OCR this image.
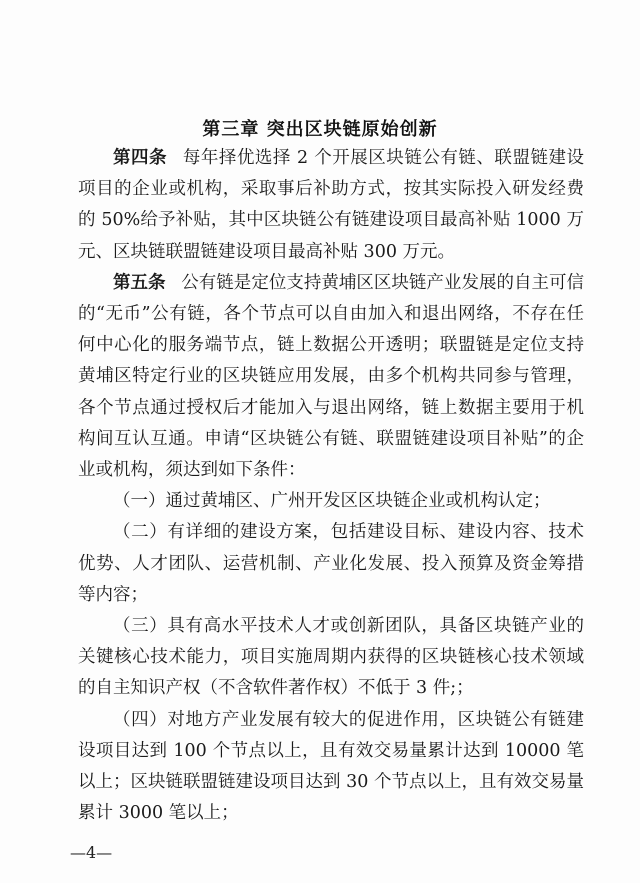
第三章 突出区块链原始创新

第四条 每年择优选择 2 个开展区块链公有链、联盟链建设项目的企业或机构，采取事后补助方式，按其实际投入研发经费的 50%给予补贴，其中区块链公有链建设项目最高补贴 1000 万元、区块链联盟链建设项目最高补贴 300 万元。

第五条 公有链是定位支持黄埔区区块链产业发展的自主可信的“无币”公有链，各个节点可以自由加入和退出网络，不存在任何中心化的服务端节点，链上数据公开透明；联盟链是定位支持黄埔区特定行业的区块链应用发展，由多个机构共同参与管理，各个节点通过授权后才能加入与退出网络，链上数据主要用于机构间互认互通。申请“区块链公有链、联盟链建设项目补贴”的企业或机构，须达到如下条件：

（一）通过黄埔区、广州开发区区块链企业或机构认定；

（二）有详细的建设方案，包括建设目标、建设内容、技术优势、人才团队、运营机制、产业化发展、投入预算及资金筹措等内容；

（三）具有高水平技术人才或创新团队，具备区块链产业的关键核心技术能力，项目实施周期内获得的区块链核心技术领域的自主知识产权（不含软件著作权）不低于 3 件;；

（四）对地方产业发展有较大的促进作用，区块链公有链建设项目达到 100 个节点以上，且有效交易量累计达到 10000 笔以上；区块链联盟链建设项目达到 30 个节点以上，且有效交易量累计 3000 笔以上；

—4—
